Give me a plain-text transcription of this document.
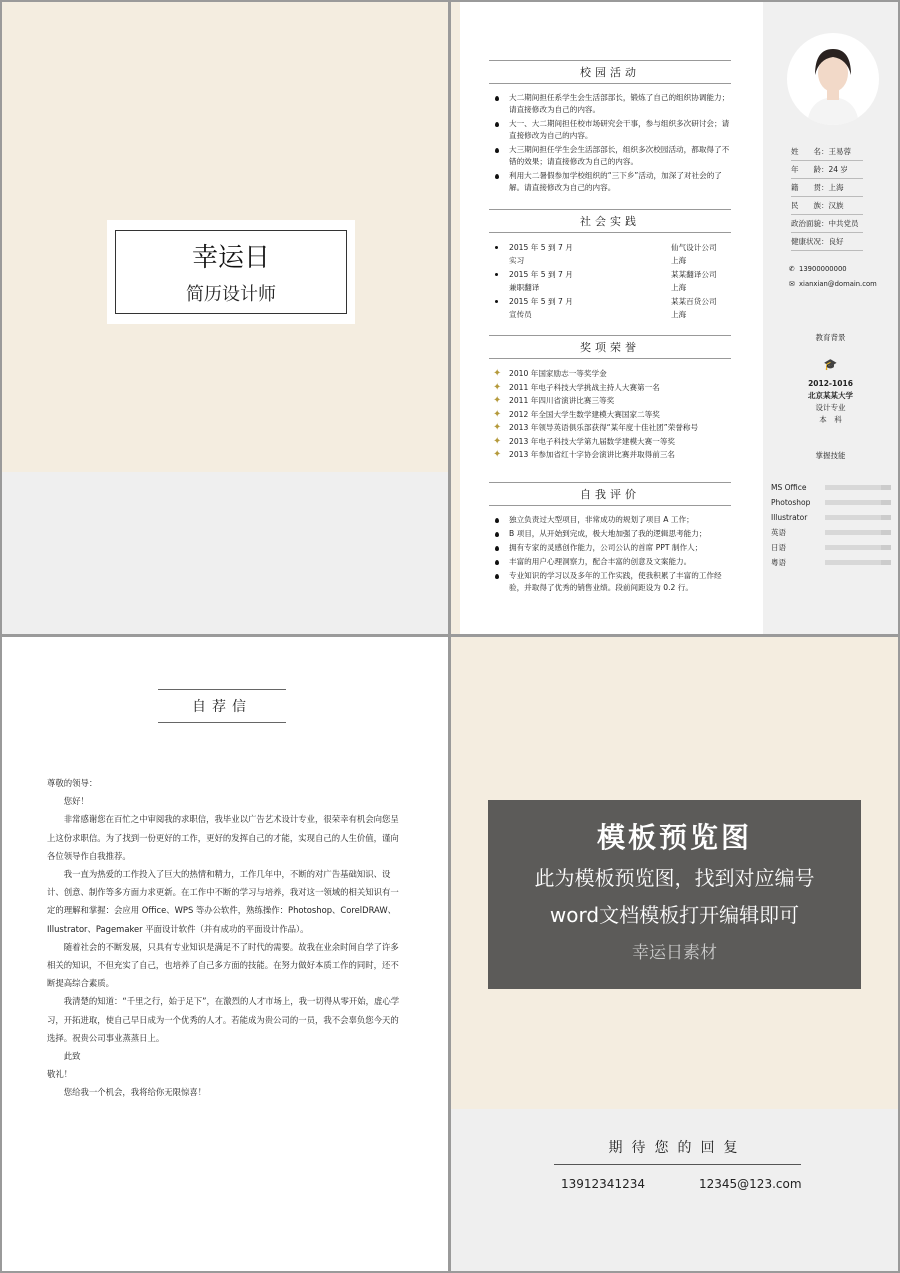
幸运日
简历设计师
校园活动
大二期间担任系学生会生活部部长，锻炼了自己的组织协调能力；请直接修改为自己的内容。
大一、大二期间担任校市场研究会干事，参与组织多次研讨会；请直接修改为自己的内容。
大三期间担任学生会生活部部长，组织多次校园活动，都取得了不错的效果；请直接修改为自己的内容。
利用大二暑假参加学校组织的“三下乡”活动，加深了对社会的了解。请直接修改为自己的内容。
社会实践
2015 年 5 到 7 月
实习
仙气设计公司
上海
2015 年 5 到 7 月
兼职翻译
某某翻译公司
上海
2015 年 5 到 7 月
宣传员
某某百货公司
上海
奖项荣誉
✦ 2010 年国家励志一等奖学金
✦ 2011 年电子科技大学挑战主持人大赛第一名
✦ 2011 年四川省演讲比赛三等奖
✦ 2012 年全国大学生数学建模大赛国家二等奖
✦ 2013 年领导英语俱乐部获得“某年度十佳社团”荣誉称号
✦ 2013 年电子科技大学第九届数学建模大赛一等奖
✦ 2013 年参加省红十字协会演讲比赛并取得前三名
自我评价
独立负责过大型项目，非常成功的规划了项目 A 工作；
B 项目，从开始到完成，极大地加强了我的逻辑思考能力；
拥有专家的灵感创作能力，公司公认的首席 PPT 制作人；
丰富的用户心理洞察力，配合丰富的创意及文案能力。
专业知识的学习以及多年的工作实践，使我积累了丰富的工作经验，并取得了优秀的销售业绩。段前间距设为 0.2 行。
姓　　名：王易蓉
年　　龄：24 岁
籍　　贯：上海
民　　族：汉族
政治面貌：中共党员
健康状况：良好
✆ 13900000000
✉ xianxian@domain.com
教育背景
🎓
2012-1016
北京某某大学
设计专业
本　科
掌握技能
MS Office
Photoshop
Illustrator
英语
日语
粤语
自荐信
尊敬的领导：
您好！
非常感谢您在百忙之中审阅我的求职信，我毕业以广告艺术设计专业，很荣幸有机会向您呈上这份求职信。为了找到一份更好的工作，更好的发挥自己的才能，实现自己的人生价值，谨向各位领导作自我推荐。
我一直为热爱的工作投入了巨大的热情和精力，工作几年中，不断的对广告基础知识、设计、创意、制作等多方面力求更新。在工作中不断的学习与培养，我对这一领域的相关知识有一定的理解和掌握：会应用 Office、WPS 等办公软件，熟练操作：Photoshop、CorelDRAW、Illustrator、Pagemaker 平面设计软件（并有成功的平面设计作品）。
随着社会的不断发展，只具有专业知识是满足不了时代的需要。故我在业余时间自学了许多相关的知识，不但充实了自己，也培养了自己多方面的技能。在努力做好本质工作的同时，还不断提高综合素质。
我清楚的知道：“千里之行，始于足下”，在激烈的人才市场上，我一切得从零开始，虚心学习，开拓进取，使自己早日成为一个优秀的人才。若能成为贵公司的一员，我不会辜负您今天的选择。祝贵公司事业蒸蒸日上。
此致
敬礼！
您给我一个机会，我将给你无限惊喜！
期待您的回复
13912341234	12345@123.com
模板预览图
此为模板预览图，找到对应编号
word文档模板打开编辑即可
幸运日素材
